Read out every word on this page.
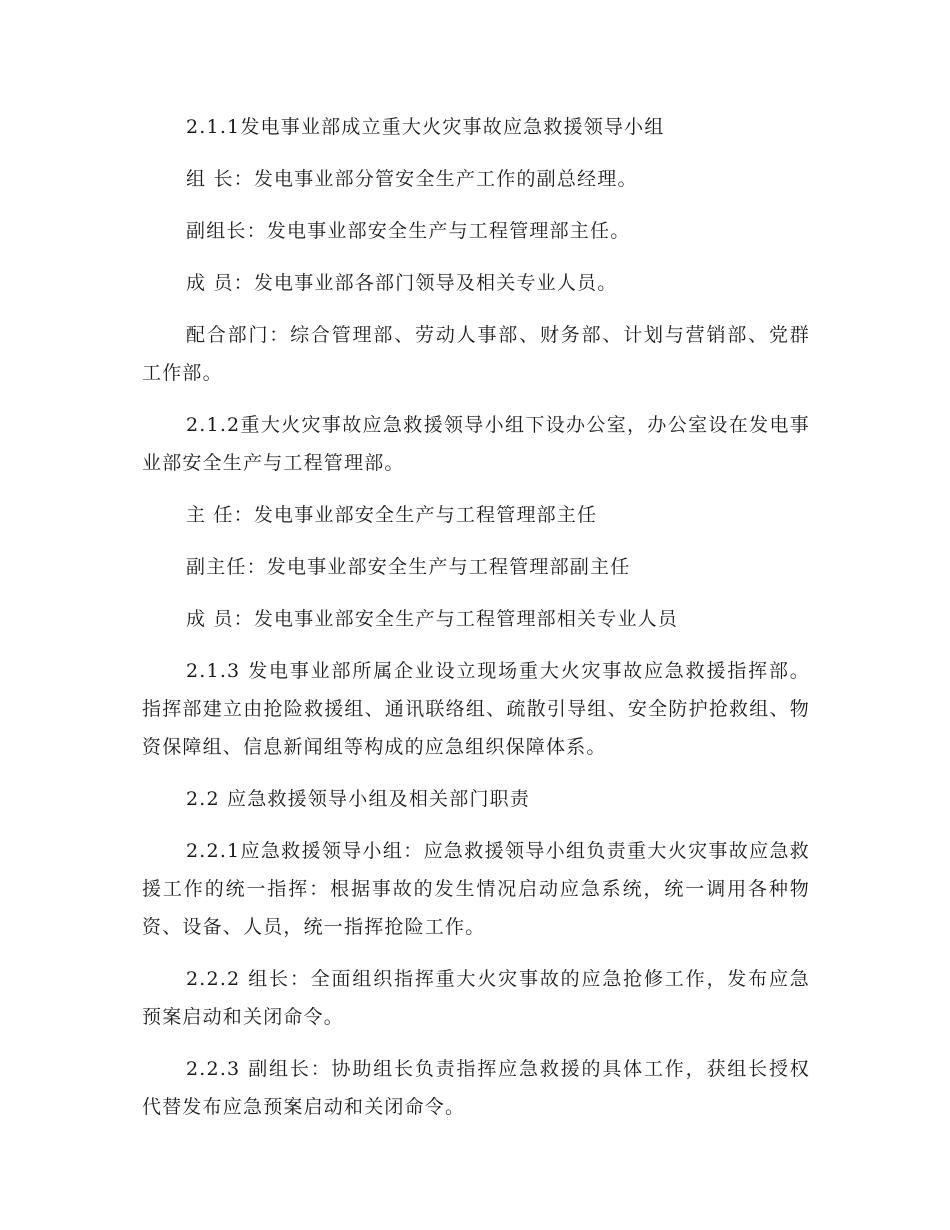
2.1.1发电事业部成立重大火灾事故应急救援领导小组

组 长：发电事业部分管安全生产工作的副总经理。

副组长：发电事业部安全生产与工程管理部主任。

成 员：发电事业部各部门领导及相关专业人员。

配合部门：综合管理部、劳动人事部、财务部、计划与营销部、党群工作部。

2.1.2重大火灾事故应急救援领导小组下设办公室，办公室设在发电事业部安全生产与工程管理部。

主 任：发电事业部安全生产与工程管理部主任

副主任：发电事业部安全生产与工程管理部副主任

成 员：发电事业部安全生产与工程管理部相关专业人员

2.1.3 发电事业部所属企业设立现场重大火灾事故应急救援指挥部。指挥部建立由抢险救援组、通讯联络组、疏散引导组、安全防护抢救组、物资保障组、信息新闻组等构成的应急组织保障体系。

2.2 应急救援领导小组及相关部门职责

2.2.1应急救援领导小组：应急救援领导小组负责重大火灾事故应急救援工作的统一指挥：根据事故的发生情况启动应急系统，统一调用各种物资、设备、人员，统一指挥抢险工作。

2.2.2 组长：全面组织指挥重大火灾事故的应急抢修工作，发布应急预案启动和关闭命令。

2.2.3 副组长：协助组长负责指挥应急救援的具体工作，获组长授权代替发布应急预案启动和关闭命令。
